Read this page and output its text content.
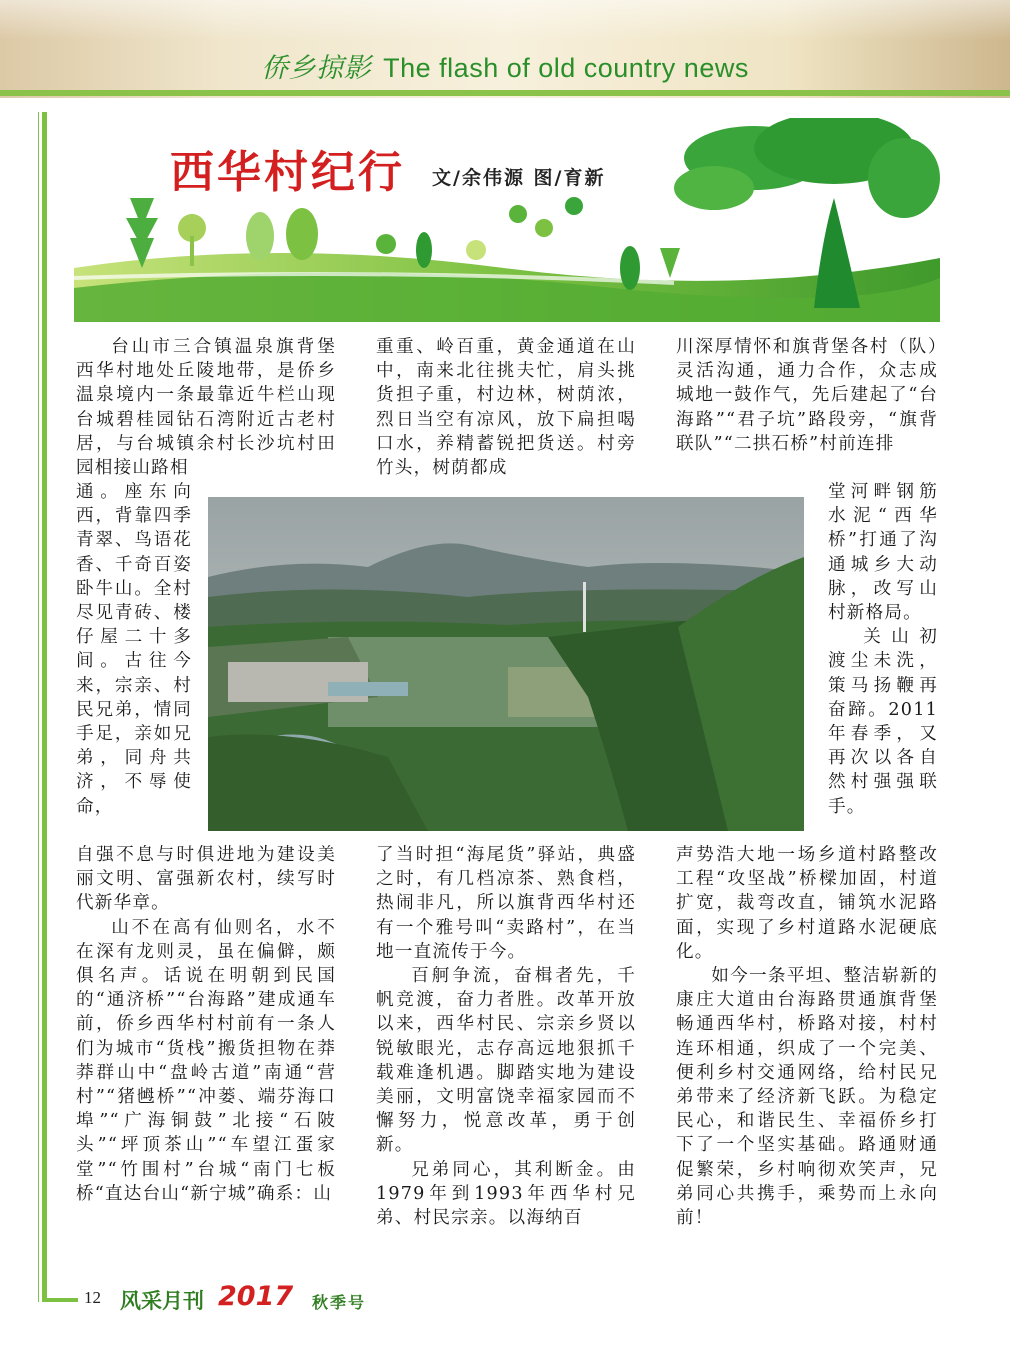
侨乡掠影 The flash of old country news
西华村纪行 文/余伟源 图/育新

台山市三合镇温泉旗背堡西华村地处丘陵地带，是侨乡温泉境内一条最靠近牛栏山现台城碧桂园钻石湾附近古老村居，与台城镇余村长沙坑村田园相接山路相

通。座东向西，背靠四季青翠、鸟语花香、千奇百姿卧牛山。全村尽见青砖、楼仔屋二十多间。古往今来，宗亲、村民兄弟，情同手足，亲如兄弟，同舟共济，不辱使命，

自强不息与时俱进地为建设美丽文明、富强新农村，续写时代新华章。

山不在高有仙则名，水不在深有龙则灵，虽在偏僻，颇俱名声。话说在明朝到民国的“通济桥”“台海路”建成通车前，侨乡西华村村前有一条人们为城市“货栈”搬货担物在莽莽群山中“盘岭古道”南通“营村”“猪乸桥”“冲蒌、端芬海口埠”“广海铜鼓”北接“石陂头”“坪顶茶山”“车望江蛋家堂”“竹围村”台城“南门七板桥“直达台山“新宁城”确系：山

重重、岭百重，黄金通道在山中，南来北往挑夫忙，肩头挑货担子重，村边林，树荫浓，烈日当空有凉风，放下扁担喝口水，养精蓄锐把货送。村旁竹头，树荫都成

了当时担“海尾货”驿站，典盛之时，有几档凉茶、熟食档，热闹非凡，所以旗背西华村还有一个雅号叫“卖路村”，在当地一直流传于今。

百舸争流，奋楫者先，千帆竞渡，奋力者胜。改革开放以来，西华村民、宗亲乡贤以锐敏眼光，志存高远地狠抓千载难逢机遇。脚踏实地为建设美丽，文明富饶幸福家园而不懈努力，悦意改革，勇于创新。

兄弟同心，其利断金。由1979年到1993年西华村兄弟、村民宗亲。以海纳百

川深厚情怀和旗背堡各村（队）灵活沟通，通力合作，众志成城地一鼓作气，先后建起了“台海路”“君子坑”路段旁，“旗背联队”“二拱石桥”村前连排

堂河畔钢筋水泥“西华桥”打通了沟通城乡大动脉，改写山村新格局。

关山初渡尘未洗，策马扬鞭再奋蹄。2011年春季，又再次以各自然村强强联手。

声势浩大地一场乡道村路整改工程“攻坚战”桥樑加固，村道扩宽，裁弯改直，铺筑水泥路面，实现了乡村道路水泥硬底化。

如今一条平坦、整洁崭新的康庄大道由台海路贯通旗背堡畅通西华村，桥路对接，村村连环相通，织成了一个完美、便利乡村交通网络，给村民兄弟带来了经济新飞跃。为稳定民心，和谐民生、幸福侨乡打下了一个坚实基础。路通财通促繁荣，乡村响彻欢笑声，兄弟同心共携手，乘势而上永向前！

12 风采月刊 2017 秋季号
